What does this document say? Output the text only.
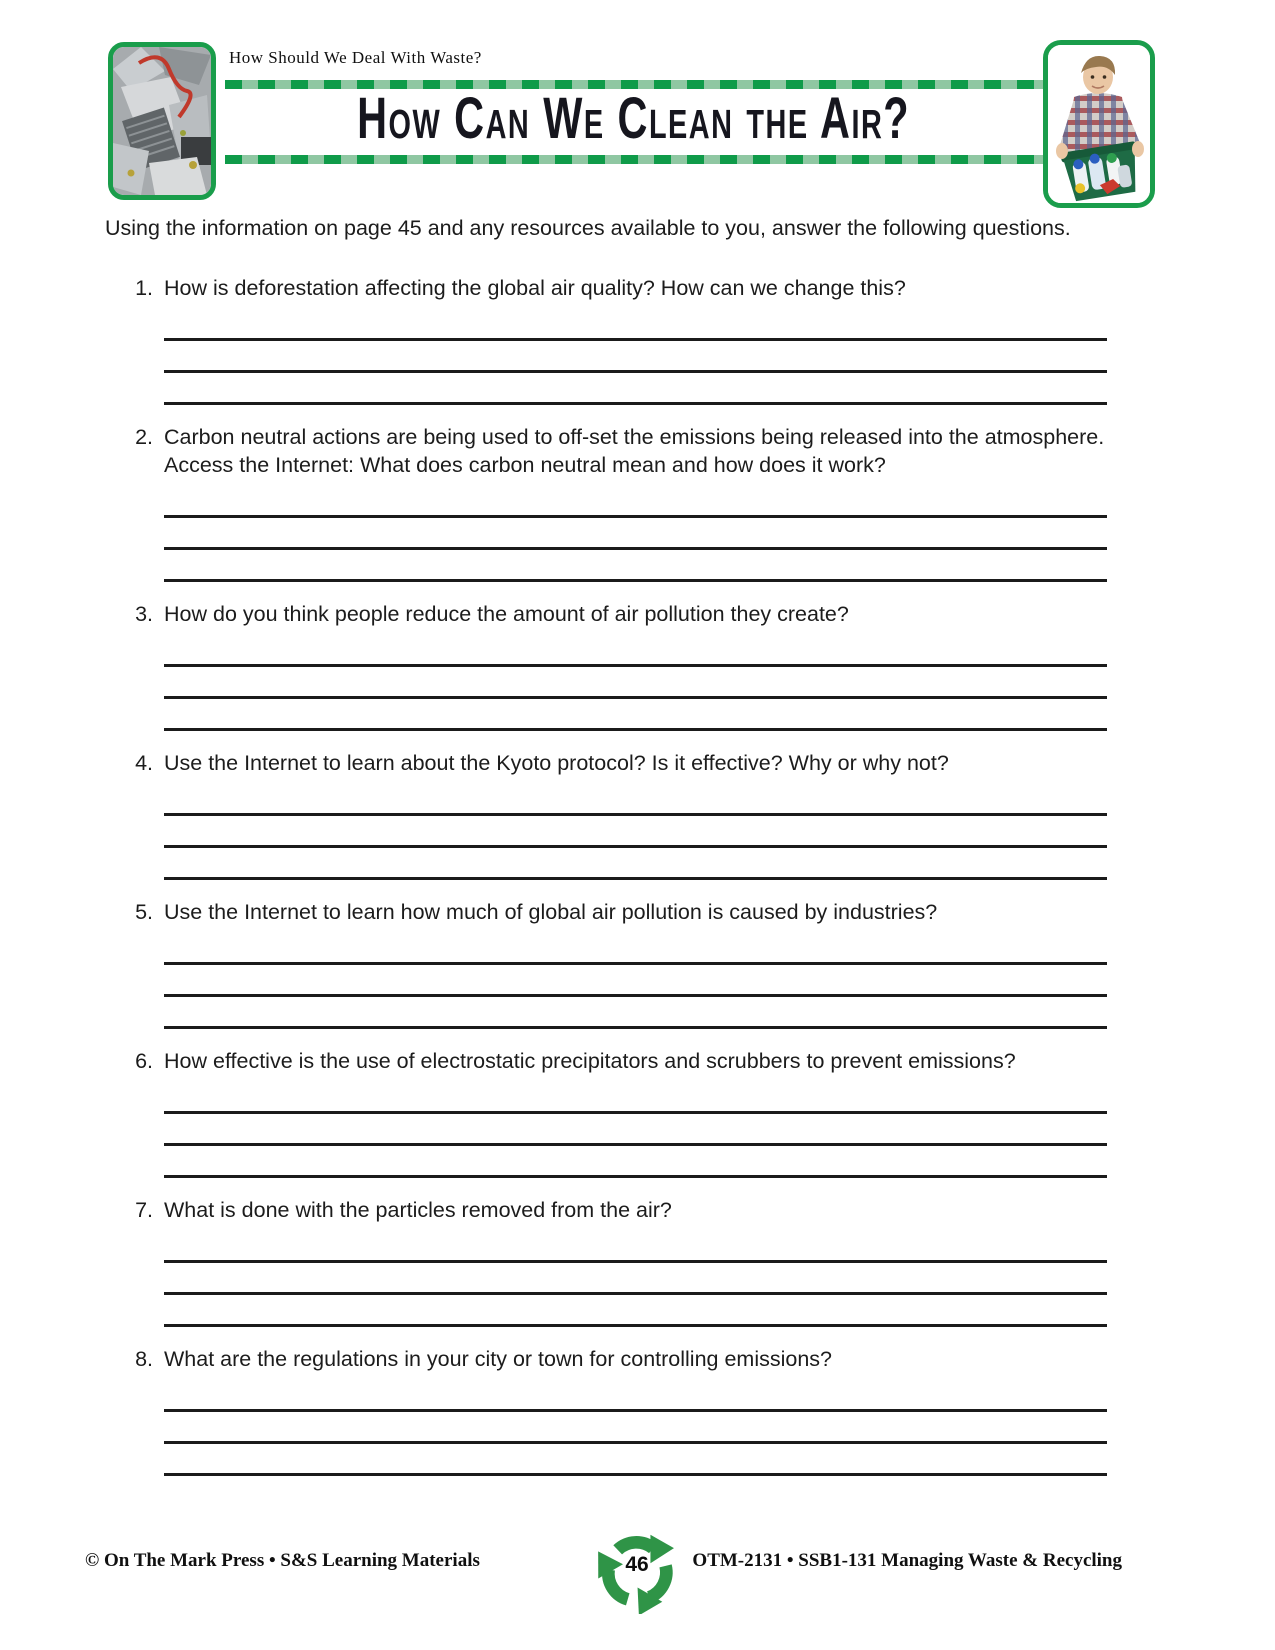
How Should We Deal With Waste?
How Can We Clean the Air?

Using the information on page 45 and any resources available to you, answer the following questions.

1. How is deforestation affecting the global air quality? How can we change this?
2. Carbon neutral actions are being used to off-set the emissions being released into the atmosphere. Access the Internet: What does carbon neutral mean and how does it work?
3. How do you think people reduce the amount of air pollution they create?
4. Use the Internet to learn about the Kyoto protocol? Is it effective? Why or why not?
5. Use the Internet to learn how much of global air pollution is caused by industries?
6. How effective is the use of electrostatic precipitators and scrubbers to prevent emissions?
7. What is done with the particles removed from the air?
8. What are the regulations in your city or town for controlling emissions?
© On The Mark Press • S&S Learning Materials	46	OTM-2131 • SSB1-131 Managing Waste & Recycling
